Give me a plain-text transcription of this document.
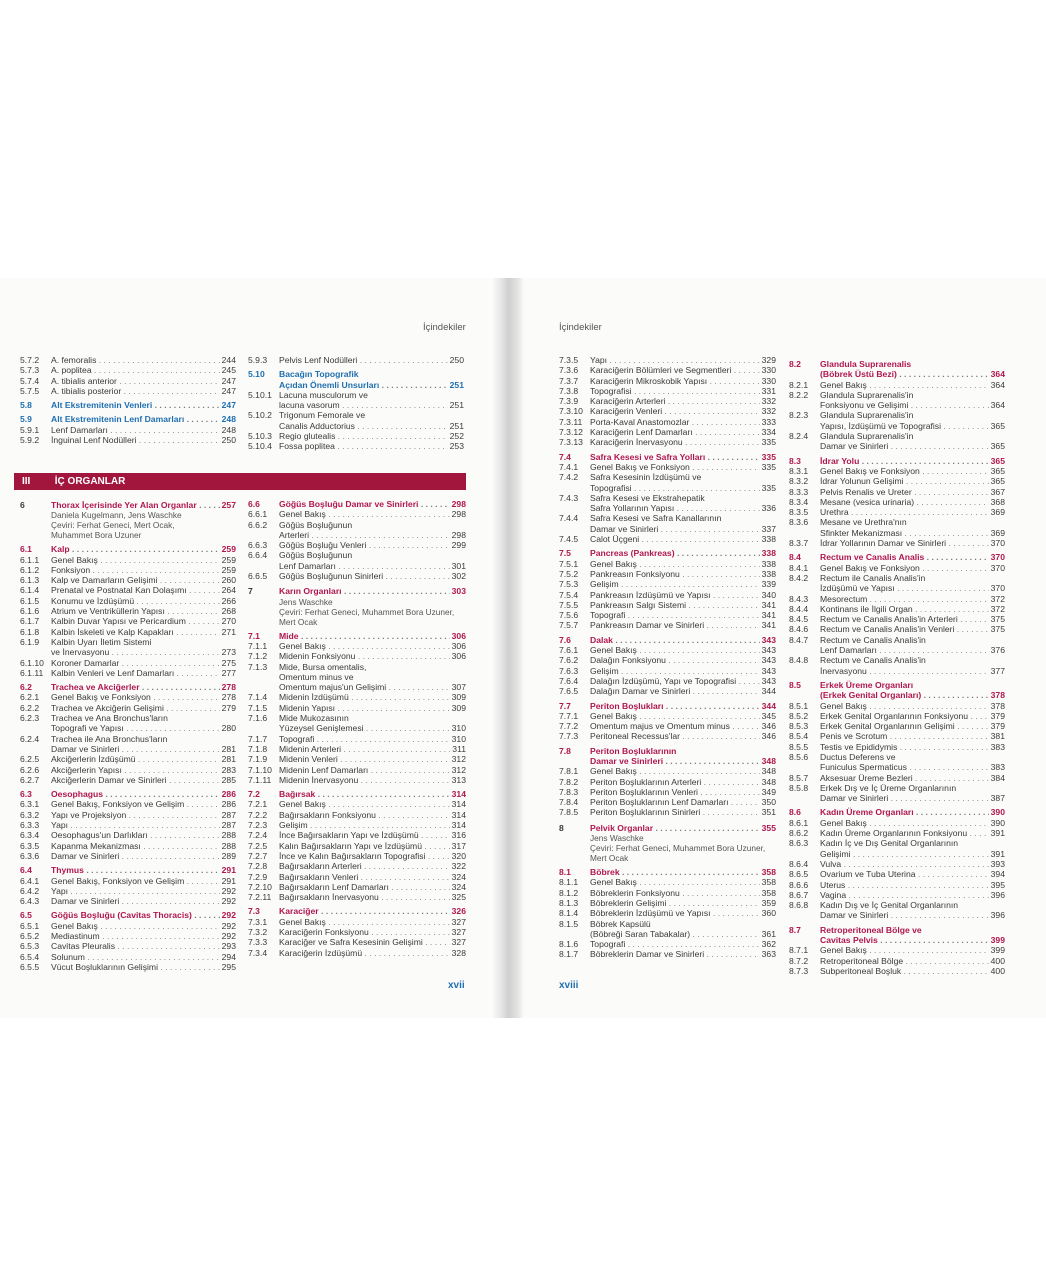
İçindekiler	İçindekiler
5.7.2	A. femoralis . . .	244
5.7.3	A. poplitea . . .	245
5.7.4	A. tibialis anterior . . .	247
5.7.5	A. tibialis posterior . . .	247
5.8	Alt Ekstremitenin Venleri . . .	247
5.9	Alt Ekstremitenin Lenf Damarları . . .	248
5.9.1	Lenf Damarları . . .	248
5.9.2	İnguinal Lenf Nodülleri . . .	250
5.9.3	Pelvis Lenf Nodülleri . . .	250
5.10	Bacağın Topografik
Açıdan Önemli Unsurları . . .	251
5.10.1 Lacuna musculorum ve
lacuna vasorum . . .	251
5.10.2 Trigonum Femorale ve
Canalis Adductorius . . .	251
5.10.3 Regio glutealis . . .	252
5.10.4 Fossa poplitea . . .	253
III İÇ ORGANLAR
6	Thorax İçerisinde Yer Alan Organlar . . .	257
Daniela Kugelmann, Jens Waschke
Çeviri: Ferhat Geneci, Mert Ocak,
Muhammet Bora Uzuner
6.1	Kalp . . .	259
6.1.1	Genel Bakış . . .	259
6.1.2	Fonksiyon . . .	259
6.1.3	Kalp ve Damarların Gelişimi . . .	260
6.1.4	Prenatal ve Postnatal Kan Dolaşımı . . .	264
6.1.5	Konumu ve İzdüşümü . . .	266
6.1.6	Atrium ve Ventriküllerin Yapısı . . .	268
6.1.7	Kalbin Duvar Yapısı ve Pericardium . . .	270
6.1.8	Kalbin İskeleti ve Kalp Kapakları . . .	271
6.1.9	Kalbin Uyarı İletim Sistemi
ve İnervasyonu . . .	273
6.1.10 Koroner Damarlar . . .	275
6.1.11 Kalbin Venleri ve Lenf Damarları . . .	277
6.2	Trachea ve Akciğerler . . .	278
6.2.1	Genel Bakış ve Fonksiyon . . .	278
6.2.2	Trachea ve Akciğerin Gelişimi . . .	279
6.2.3	Trachea ve Ana Bronchus'ların
Topografi ve Yapısı . . .	280
6.2.4	Trachea ile Ana Bronchus'ların
Damar ve Sinirleri . . .	281
6.2.5	Akciğerlerin İzdüşümü . . .	281
6.2.6	Akciğerlerin Yapısı . . .	283
6.2.7	Akciğerlerin Damar ve Sinirleri . . .	285
6.3	Oesophagus . . .	286
6.3.1	Genel Bakış, Fonksiyon ve Gelişim . . .	286
6.3.2	Yapı ve Projeksiyon . . .	287
6.3.3	Yapı . . .	287
6.3.4	Oesophagus'un Darlıkları . . .	288
6.3.5	Kapanma Mekanizması . . .	288
6.3.6	Damar ve Sinirleri . . .	289
6.4	Thymus . . .	291
6.4.1	Genel Bakış, Fonksiyon ve Gelişim . . .	291
6.4.2	Yapı . . .	292
6.4.3	Damar ve Sinirleri . . .	292
6.5	Göğüs Boşluğu (Cavitas Thoracis) . . .	292
6.5.1	Genel Bakış . . .	292
6.5.2	Mediastinum . . .	292
6.5.3	Cavitas Pleuralis . . .	293
6.5.4	Solunum . . .	294
6.5.5	Vücut Boşluklarının Gelişimi . . .	295
6.6	Göğüs Boşluğu Damar ve Sinirleri . . .	298
6.6.1	Genel Bakış . . .	298
6.6.2	Göğüs Boşluğunun
Arterleri . . .	298
6.6.3	Göğüs Boşluğu Venleri . . .	299
6.6.4	Göğüs Boşluğunun
Lenf Damarları . . .	301
6.6.5	Göğüs Boşluğunun Sinirleri . . .	302
7	Karın Organları . . .	303
Jens Waschke
Çeviri: Ferhat Geneci, Muhammet Bora Uzuner,
Mert Ocak
7.1	Mide . . .	306
7.1.1	Genel Bakış . . .	306
7.1.2	Midenin Fonksiyonu . . .	306
7.1.3	Mide, Bursa omentalis,
Omentum minus ve
Omentum majus'un Gelişimi . . .	307
7.1.4	Midenin İzdüşümü . . .	309
7.1.5	Midenin Yapısı . . .	309
7.1.6	Mide Mukozasının
Yüzeysel Genişlemesi . . .	310
7.1.7	Topografi . . .	310
7.1.8	Midenin Arterleri . . .	311
7.1.9	Midenin Venleri . . .	312
7.1.10 Midenin Lenf Damarları . . .	312
7.1.11 Midenin İnervasyonu . . .	313
7.2	Bağırsak . . .	314
7.2.1	Genel Bakış . . .	314
7.2.2	Bağırsakların Fonksiyonu . . .	314
7.2.3	Gelişim . . .	314
7.2.4	İnce Bağırsakların Yapı ve İzdüşümü . . .	316
7.2.5	Kalın Bağırsakların Yapı ve İzdüşümü . . .	317
7.2.7	İnce ve Kalın Bağırsakların Topografisi . . .	320
7.2.8	Bağırsakların Arterleri . . .	322
7.2.9	Bağırsakların Venleri . . .	324
7.2.10 Bağırsakların Lenf Damarları . . .	324
7.2.11 Bağırsakların İnervasyonu . . .	325
7.3	Karaciğer . . .	326
7.3.1	Genel Bakış . . .	327
7.3.2	Karaciğerin Fonksiyonu . . .	327
7.3.3	Karaciğer ve Safra Kesesinin Gelişimi . . .	327
7.3.4	Karaciğerin İzdüşümü . . .	328
7.3.5	Yapı . . .	329
7.3.6	Karaciğerin Bölümleri ve Segmentleri . . .	330
7.3.7	Karaciğerin Mikroskobik Yapısı . . .	330
7.3.8	Topografisi . . .	331
7.3.9	Karaciğerin Arterleri . . .	332
7.3.10 Karaciğerin Venleri . . .	332
7.3.11 Porta-Kaval Anastomozlar . . .	333
7.3.12 Karaciğerin Lenf Damarları . . .	334
7.3.13 Karaciğerin İnervasyonu . . .	335
7.4	Safra Kesesi ve Safra Yolları . . .	335
7.4.1	Genel Bakış ve Fonksiyon . . .	335
7.4.2	Safra Kesesinin İzdüşümü ve
Topografisi . . .	335
7.4.3	Safra Kesesi ve Ekstrahepatik
Safra Yollarının Yapısı . . .	336
7.4.4	Safra Kesesi ve Safra Kanallarının
Damar ve Sinirleri . . .	337
7.4.5	Calot Üçgeni . . .	338
7.5	Pancreas (Pankreas) . . .	338
7.5.1	Genel Bakış . . .	338
7.5.2	Pankreasın Fonksiyonu . . .	338
7.5.3	Gelişim . . .	339
7.5.4	Pankreasın İzdüşümü ve Yapısı . . .	340
7.5.5	Pankreasın Salgı Sistemi . . .	341
7.5.6	Topografi . . .	341
7.5.7	Pankreasın Damar ve Sinirleri . . .	341
7.6	Dalak . . .	343
7.6.1	Genel Bakış . . .	343
7.6.2	Dalağın Fonksiyonu . . .	343
7.6.3	Gelişim . . .	343
7.6.4	Dalağın İzdüşümü, Yapı ve Topografisi . . .	343
7.6.5	Dalağın Damar ve Sinirleri . . .	344
7.7	Periton Boşlukları . . .	344
7.7.1	Genel Bakış . . .	345
7.7.2	Omentum majus ve Omentum minus . . .	346
7.7.3	Peritoneal Recessus'lar . . .	346
7.8	Periton Boşluklarının
Damar ve Sinirleri . . .	348
7.8.1	Genel Bakış . . .	348
7.8.2	Periton Boşluklarının Arterleri . . .	348
7.8.3	Periton Boşluklarının Venleri . . .	349
7.8.4	Periton Boşluklarının Lenf Damarları . . .	350
7.8.5	Periton Boşluklarının Sinirleri . . .	351
8	Pelvik Organlar . . .	355
Jens Waschke
Çeviri: Ferhat Geneci, Muhammet Bora Uzuner,
Mert Ocak
8.1	Böbrek . . .	358
8.1.1	Genel Bakış . . .	358
8.1.2	Böbreklerin Fonksiyonu . . .	358
8.1.3	Böbreklerin Gelişimi . . .	359
8.1.4	Böbreklerin İzdüşümü ve Yapısı . . .	360
8.1.5	Böbrek Kapsülü
(Böbreği Saran Tabakalar) . . .	361
8.1.6	Topografi . . .	362
8.1.7	Böbreklerin Damar ve Sinirleri . . .	363
8.2	Glandula Suprarenalis
(Böbrek Üstü Bezi) . . .	364
8.2.1	Genel Bakış . . .	364
8.2.2	Glandula Suprarenalis'in
Fonksiyonu ve Gelişimi . . .	364
8.2.3	Glandula Suprarenalis'in
Yapısı, İzdüşümü ve Topografisi . . .	365
8.2.4	Glandula Suprarenalis'in
Damar ve Sinirleri . . .	365
8.3	İdrar Yolu . . .	365
8.3.1	Genel Bakış ve Fonksiyon . . .	365
8.3.2	İdrar Yolunun Gelişimi . . .	365
8.3.3	Pelvis Renalis ve Ureter . . .	367
8.3.4	Mesane (vesica urinaria) . . .	368
8.3.5	Urethra . . .	369
8.3.6	Mesane ve Urethra'nın
Sfinkter Mekanizması . . .	369
8.3.7	İdrar Yollarının Damar ve Sinirleri . . .	370
8.4	Rectum ve Canalis Analis . . .	370
8.4.1	Genel Bakış ve Fonksiyon . . .	370
8.4.2	Rectum ile Canalis Analis'in
İzdüşümü ve Yapısı . . .	370
8.4.3	Mesorectum . . .	372
8.4.4	Kontinans ile İlgili Organ . . .	372
8.4.5	Rectum ve Canalis Analis'in Arterleri . . .	375
8.4.6	Rectum ve Canalis Analis'in Venleri . . .	375
8.4.7	Rectum ve Canalis Analis'in
Lenf Damarları . . .	376
8.4.8	Rectum ve Canalis Analis'in
İnervasyonu . . .	377
8.5	Erkek Üreme Organları
(Erkek Genital Organları) . . .	378
8.5.1	Genel Bakış . . .	378
8.5.2	Erkek Genital Organlarının Fonksiyonu . . .	379
8.5.3	Erkek Genital Organlarının Gelişimi . . .	379
8.5.4	Penis ve Scrotum . . .	381
8.5.5	Testis ve Epididymis . . .	383
8.5.6	Ductus Deferens ve
Funiculus Spermaticus . . .	383
8.5.7	Aksesuar Üreme Bezleri . . .	384
8.5.8	Erkek Dış ve İç Üreme Organlarının
Damar ve Sinirleri . . .	387
8.6	Kadın Üreme Organları . . .	390
8.6.1	Genel Bakış . . .	390
8.6.2	Kadın Üreme Organlarının Fonksiyonu . . .	391
8.6.3	Kadın İç ve Dış Genital Organlarının
Gelişimi . . .	391
8.6.4	Vulva . . .	393
8.6.5	Ovarium ve Tuba Uterina . . .	394
8.6.6	Uterus . . .	395
8.6.7	Vagina . . .	396
8.6.8	Kadın Dış ve İç Genital Organlarının
Damar ve Sinirleri . . .	396
8.7	Retroperitoneal Bölge ve
Cavitas Pelvis . . .	399
8.7.1	Genel Bakış . . .	399
8.7.2	Retroperitoneal Bölge . . .	400
8.7.3	Subperitoneal Boşluk . . .	400
xvii	xviii
